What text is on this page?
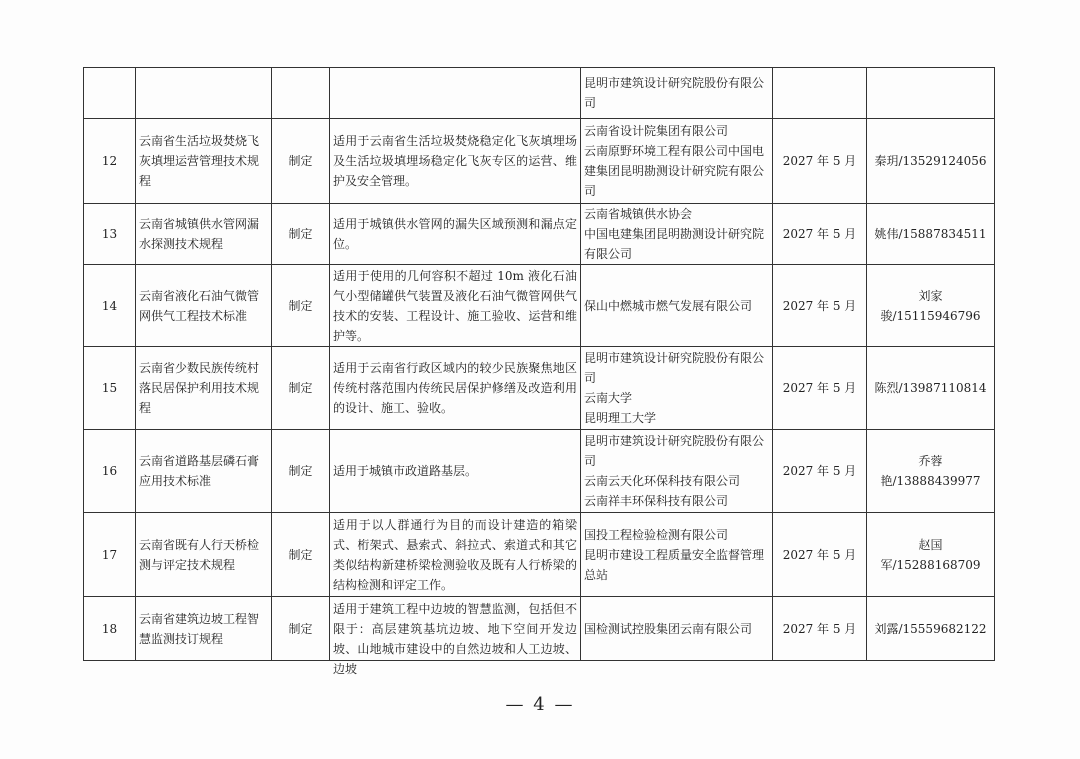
				昆明市建筑设计研究院股份有限公
司		

12	云南省生活垃圾焚烧飞灰填埋运营管理技术规程	制定	适用于云南省生活垃圾焚烧稳定化飞灰填埋场及生活垃圾填埋场稳定化飞灰专区的运营、维护及安全管理。	云南省设计院集团有限公司
云南原野环境工程有限公司中国电
建集团昆明勘测设计研究院有限公
司	2027 年 5 月	秦玥/13529124056
13	云南省城镇供水管网漏水探测技术规程	制定	适用于城镇供水管网的漏失区域预测和漏点定位。	云南省城镇供水协会
中国电建集团昆明勘测设计研究院
有限公司	2027 年 5 月	姚伟/15887834511
14	云南省液化石油气微管网供气工程技术标准	制定	适用于使用的几何容积不超过 10m 液化石油气小型储罐供气装置及液化石油气微管网供气技术的安装、工程设计、施工验收、运营和维护等。	保山中燃城市燃气发展有限公司	2027 年 5 月	刘家骏/15115946796
15	云南省少数民族传统村落民居保护利用技术规程	制定	适用于云南省行政区域内的较少民族聚焦地区传统村落范围内传统民居保护修缮及改造利用的设计、施工、验收。	昆明市建筑设计研究院股份有限公
司
云南大学
昆明理工大学	2027 年 5 月	陈烈/13987110814
16	云南省道路基层磷石膏应用技术标准	制定	适用于城镇市政道路基层。	昆明市建筑设计研究院股份有限公
司
云南云天化环保科技有限公司
云南祥丰环保科技有限公司	2027 年 5 月	乔蓉艳/13888439977
17	云南省既有人行天桥检测与评定技术规程	制定	适用于以人群通行为目的而设计建造的箱梁式、桁架式、悬索式、斜拉式、索道式和其它类似结构新建桥梁检测验收及既有人行桥梁的结构检测和评定工作。	国投工程检验检测有限公司
昆明市建设工程质量安全监督管理
总站	2027 年 5 月	赵国军/15288168709
18	云南省建筑边坡工程智慧监测技订规程	制定	适用于建筑工程中边坡的智慧监测，包括但不限于：高层建筑基坑边坡、地下空间开发边坡、山地城市建设中的自然边坡和人工边坡、边坡	国检测试控股集团云南有限公司	2027 年 5 月	刘露/15559682122
— 4 —
